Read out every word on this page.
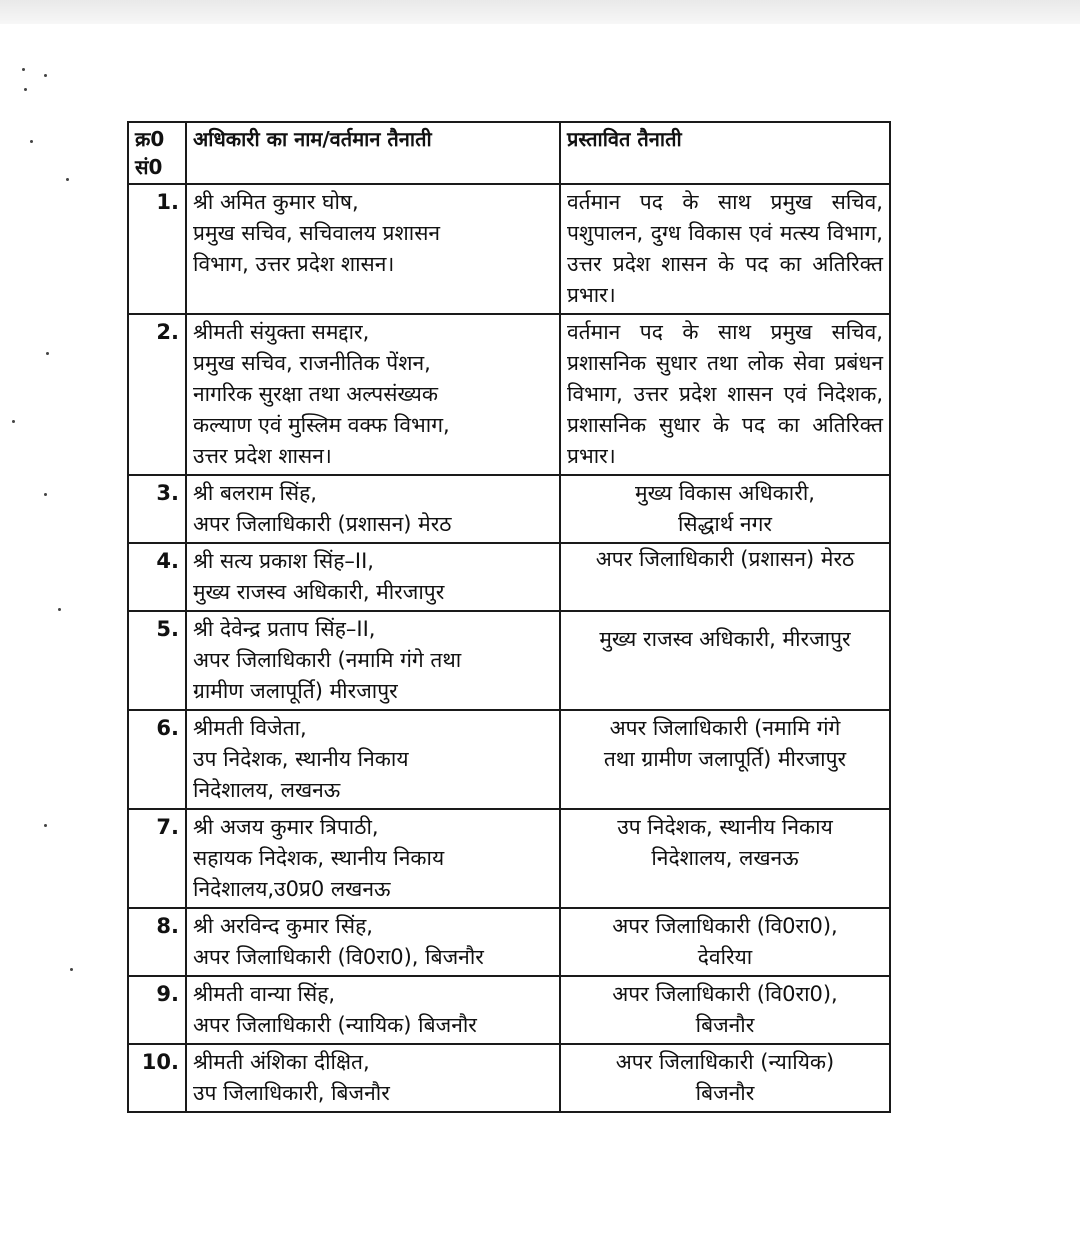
क्र0 सं0	अधिकारी का नाम/वर्तमान तैनाती	प्रस्तावित तैनाती
1.	श्री अमित कुमार घोष,
प्रमुख सचिव, सचिवालय प्रशासन
विभाग, उत्तर प्रदेश शासन।	वर्तमान पद के साथ प्रमुख सचिव, पशुपालन, दुग्ध विकास एवं मत्स्य विभाग, उत्तर प्रदेश शासन के पद का अतिरिक्त प्रभार।

2.	श्रीमती संयुक्ता समद्दार,
प्रमुख सचिव, राजनीतिक पेंशन,
नागरिक सुरक्षा तथा अल्पसंख्यक
कल्याण एवं मुस्लिम वक्फ विभाग,
उत्तर प्रदेश शासन।	वर्तमान पद के साथ प्रमुख सचिव, प्रशासनिक सुधार तथा लोक सेवा प्रबंधन विभाग, उत्तर प्रदेश शासन एवं निदेशक, प्रशासनिक सुधार के पद का अतिरिक्त प्रभार।

3.	श्री बलराम सिंह,
अपर जिलाधिकारी (प्रशासन) मेरठ	मुख्य विकास अधिकारी,
सिद्धार्थ नगर

4.	श्री सत्य प्रकाश सिंह–II,
मुख्य राजस्व अधिकारी, मीरजापुर	अपर जिलाधिकारी (प्रशासन) मेरठ

5.	श्री देवेन्द्र प्रताप सिंह–II,
अपर जिलाधिकारी (नमामि गंगे तथा
ग्रामीण जलापूर्ति) मीरजापुर	मुख्य राजस्व अधिकारी, मीरजापुर

6.	श्रीमती विजेता,
उप निदेशक, स्थानीय निकाय
निदेशालय, लखनऊ	अपर जिलाधिकारी (नमामि गंगे
तथा ग्रामीण जलापूर्ति) मीरजापुर

7.	श्री अजय कुमार त्रिपाठी,
सहायक निदेशक, स्थानीय निकाय
निदेशालय,उ0प्र0 लखनऊ	उप निदेशक, स्थानीय निकाय
निदेशालय, लखनऊ

8.	श्री अरविन्द कुमार सिंह,
अपर जिलाधिकारी (वि0रा0), बिजनौर	अपर जिलाधिकारी (वि0रा0),
देवरिया

9.	श्रीमती वान्या सिंह,
अपर जिलाधिकारी (न्यायिक) बिजनौर	अपर जिलाधिकारी (वि0रा0),
बिजनौर

10.	श्रीमती अंशिका दीक्षित,
उप जिलाधिकारी, बिजनौर	अपर जिलाधिकारी (न्यायिक)
बिजनौर
